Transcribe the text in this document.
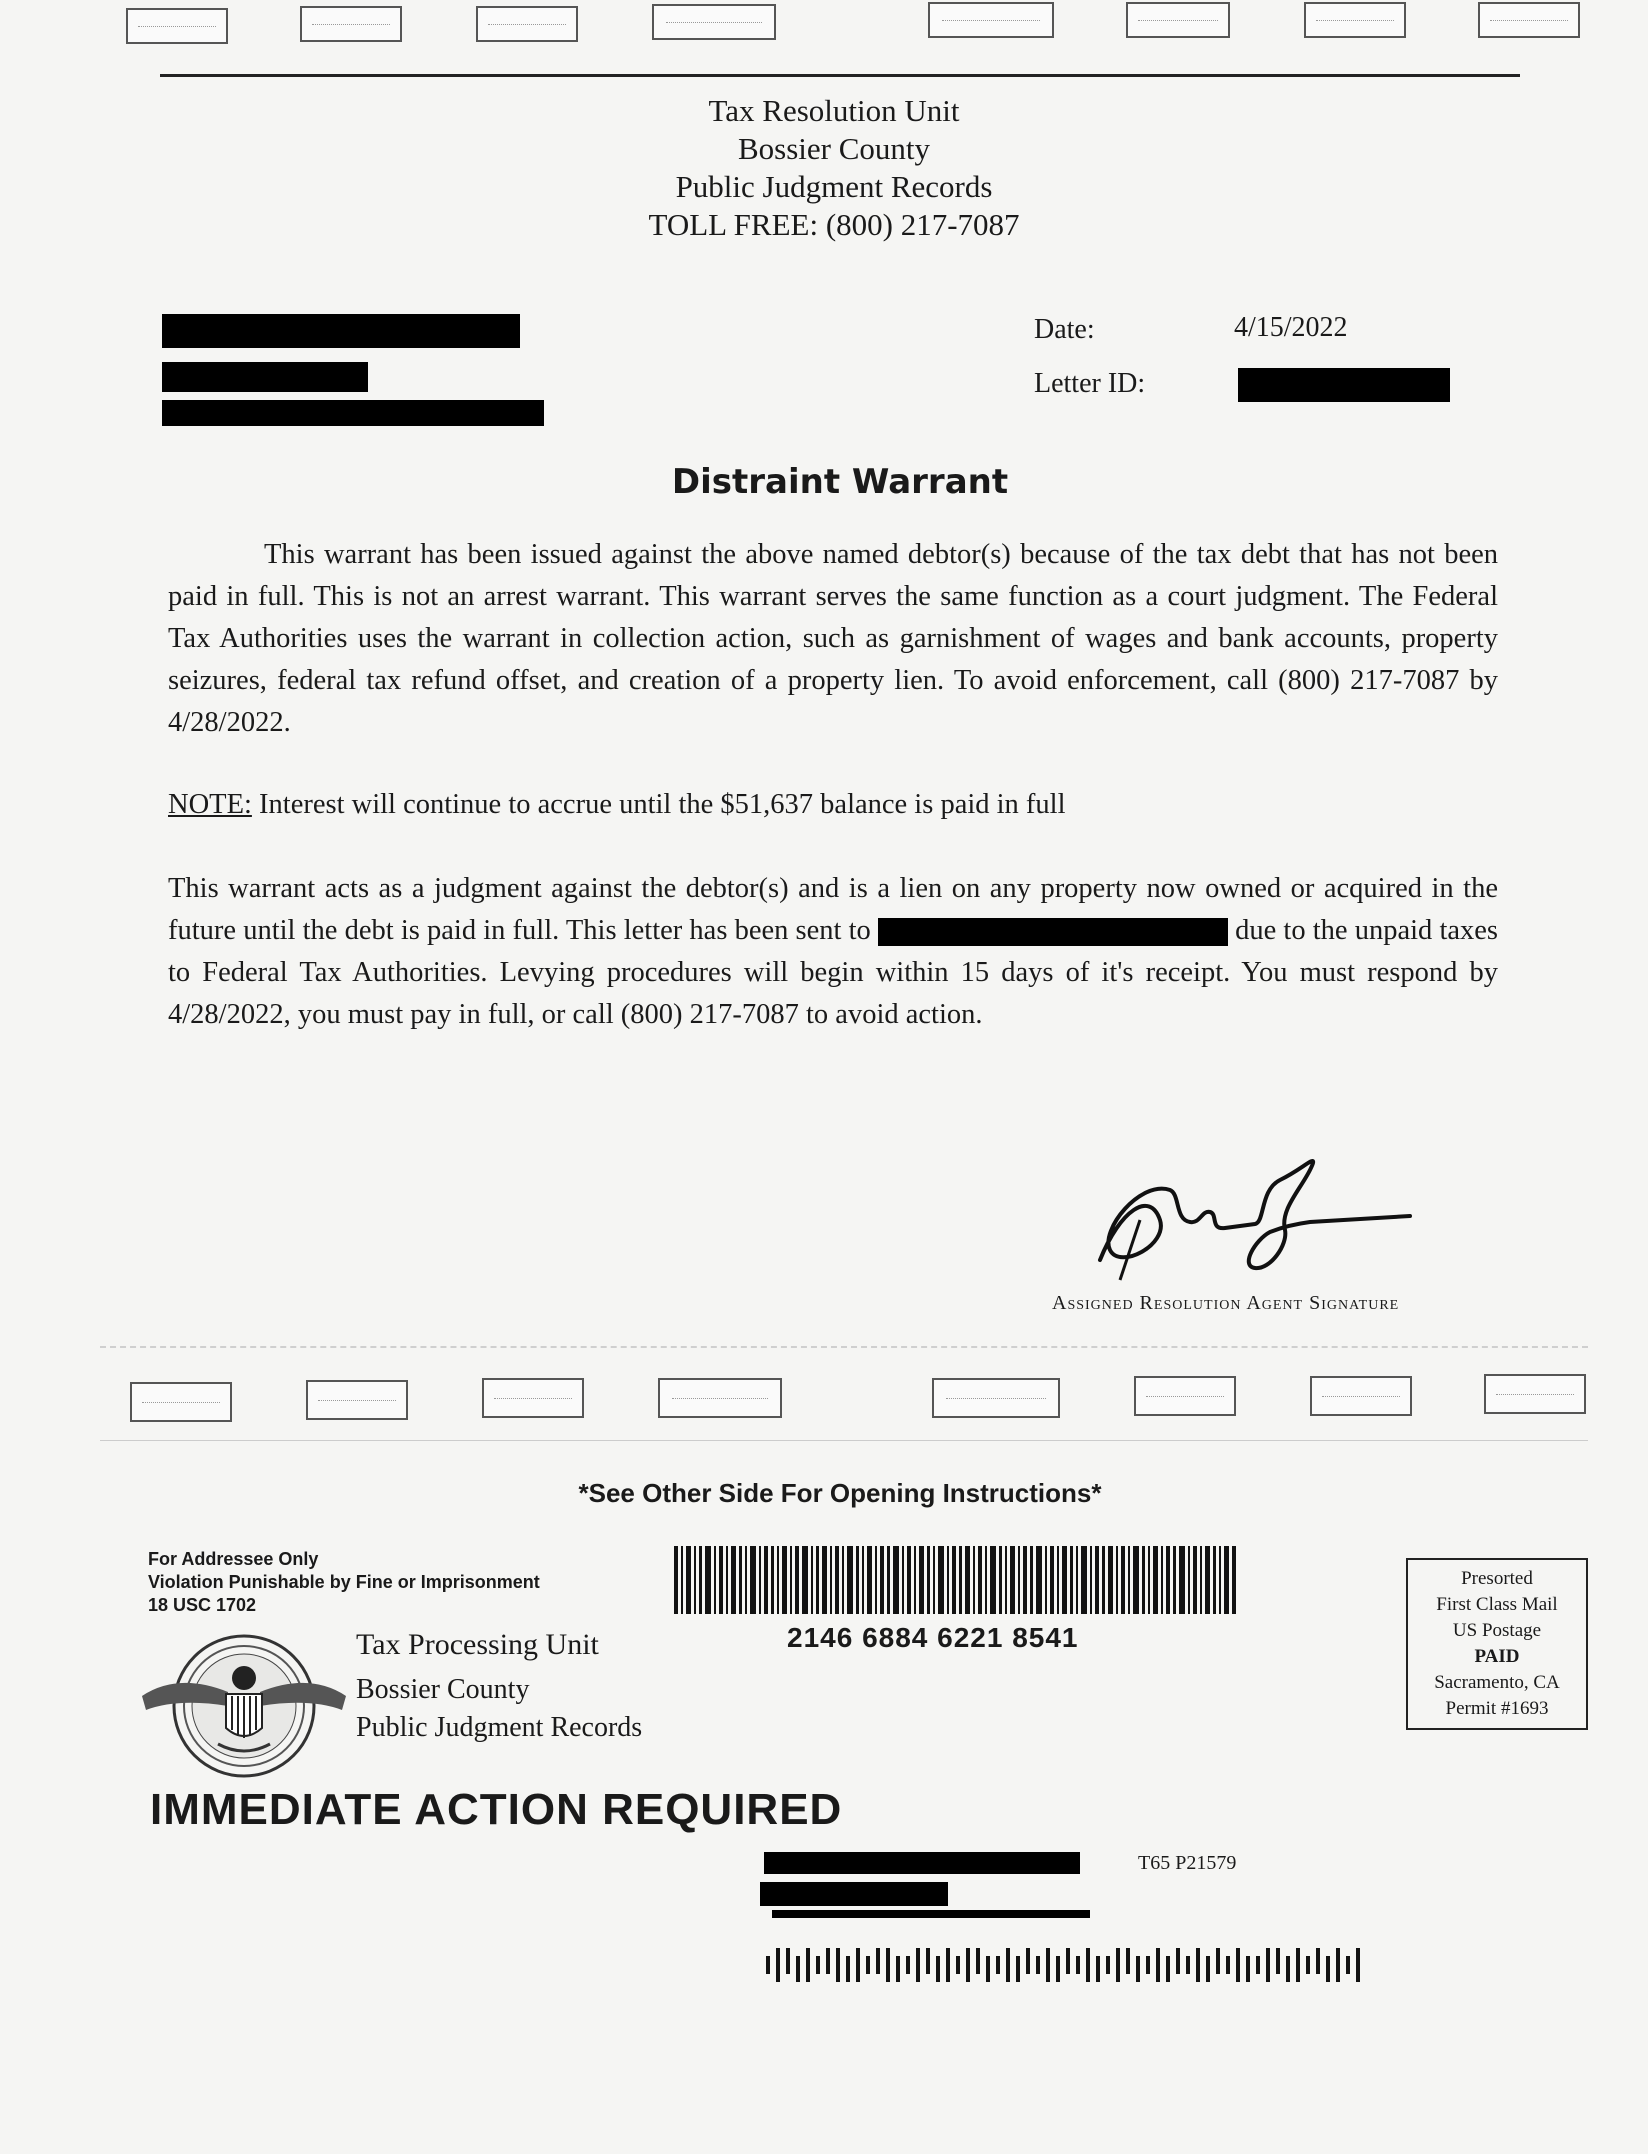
Tax Resolution Unit
Bossier County
Public Judgment Records
TOLL FREE: (800) 217-7087
Date:	4/15/2022
Letter ID:
Distraint Warrant

This warrant has been issued against the above named debtor(s) because of the tax debt that has not been paid in full. This is not an arrest warrant. This warrant serves the same function as a court judgment. The Federal Tax Authorities uses the warrant in collection action, such as garnishment of wages and bank accounts, property seizures, federal tax refund offset, and creation of a property lien. To avoid enforcement, call (800) 217-7087 by 4/28/2022.

NOTE: Interest will continue to accrue until the $51,637 balance is paid in full
This warrant acts as a judgment against the debtor(s) and is a lien on any property now owned or acquired in the future until the debt is paid in full. This letter has been sent to	due to the unpaid taxes to Federal Tax Authorities. Levying procedures will begin within 15 days of it's receipt. You must respond by 4/28/2022, you must pay in full, or call (800) 217-7087 to avoid action.
Assigned Resolution Agent Signature
*See Other Side For Opening Instructions*
For Addressee Only
Violation Punishable by Fine or Imprisonment
18 USC 1702
2146 6884 6221 8541
Presorted
First Class Mail
US Postage
PAID
Sacramento, CA
Permit #1693
Tax Processing Unit
Bossier County
Public Judgment Records
IMMEDIATE ACTION REQUIRED
T65 P21579
